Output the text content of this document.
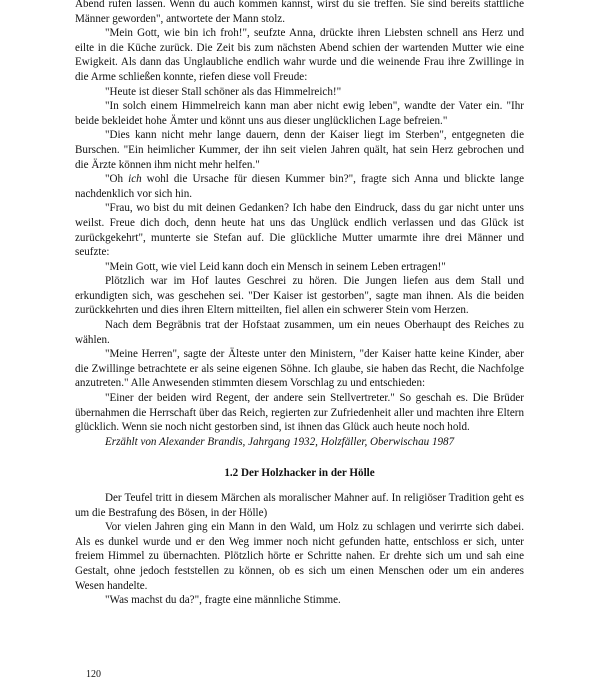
Abend rufen lassen. Wenn du auch kommen kannst, wirst du sie treffen. Sie sind bereits stattliche Männer geworden", antwortete der Mann stolz.

"Mein Gott, wie bin ich froh!", seufzte Anna, drückte ihren Liebsten schnell ans Herz und eilte in die Küche zurück. Die Zeit bis zum nächsten Abend schien der wartenden Mutter wie eine Ewigkeit. Als dann das Unglaubliche endlich wahr wurde und die weinende Frau ihre Zwillinge in die Arme schließen konnte, riefen diese voll Freude:

"Heute ist dieser Stall schöner als das Himmelreich!"

"In solch einem Himmelreich kann man aber nicht ewig leben", wandte der Vater ein. "Ihr beide bekleidet hohe Ämter und könnt uns aus dieser unglücklichen Lage befreien."

"Dies kann nicht mehr lange dauern, denn der Kaiser liegt im Sterben", entgegneten die Burschen. "Ein heimlicher Kummer, der ihn seit vielen Jahren quält, hat sein Herz gebrochen und die Ärzte können ihm nicht mehr helfen."

"Oh ich wohl die Ursache für diesen Kummer bin?", fragte sich Anna und blickte lange nachdenklich vor sich hin.

"Frau, wo bist du mit deinen Gedanken? Ich habe den Eindruck, dass du gar nicht unter uns weilst. Freue dich doch, denn heute hat uns das Unglück endlich verlassen und das Glück ist zurückgekehrt", munterte sie Stefan auf. Die glückliche Mutter umarmte ihre drei Männer und seufzte:

"Mein Gott, wie viel Leid kann doch ein Mensch in seinem Leben ertragen!"

Plötzlich war im Hof lautes Geschrei zu hören. Die Jungen liefen aus dem Stall und erkundigten sich, was geschehen sei. "Der Kaiser ist gestorben", sagte man ihnen. Als die beiden zurückkehrten und dies ihren Eltern mitteilten, fiel allen ein schwerer Stein vom Herzen.

Nach dem Begräbnis trat der Hofstaat zusammen, um ein neues Oberhaupt des Reiches zu wählen.

"Meine Herren", sagte der Älteste unter den Ministern, "der Kaiser hatte keine Kinder, aber die Zwillinge betrachtete er als seine eigenen Söhne. Ich glaube, sie haben das Recht, die Nachfolge anzutreten." Alle Anwesenden stimmten diesem Vorschlag zu und entschieden:

"Einer der beiden wird Regent, der andere sein Stellvertreter." So geschah es. Die Brüder übernahmen die Herrschaft über das Reich, regierten zur Zufriedenheit aller und machten ihre Eltern glücklich. Wenn sie noch nicht gestorben sind, ist ihnen das Glück auch heute noch hold.

Erzählt von Alexander Brandis, Jahrgang 1932, Holzfäller, Oberwischau 1987

1.2 Der Holzhacker in der Hölle

Der Teufel tritt in diesem Märchen als moralischer Mahner auf. In religiöser Tradition geht es um die Bestrafung des Bösen, in der Hölle)

Vor vielen Jahren ging ein Mann in den Wald, um Holz zu schlagen und verirrte sich dabei. Als es dunkel wurde und er den Weg immer noch nicht gefunden hatte, entschloss er sich, unter freiem Himmel zu übernachten. Plötzlich hörte er Schritte nahen. Er drehte sich um und sah eine Gestalt, ohne jedoch feststellen zu können, ob es sich um einen Menschen oder um ein anderes Wesen handelte.

"Was machst du da?", fragte eine männliche Stimme.

120
